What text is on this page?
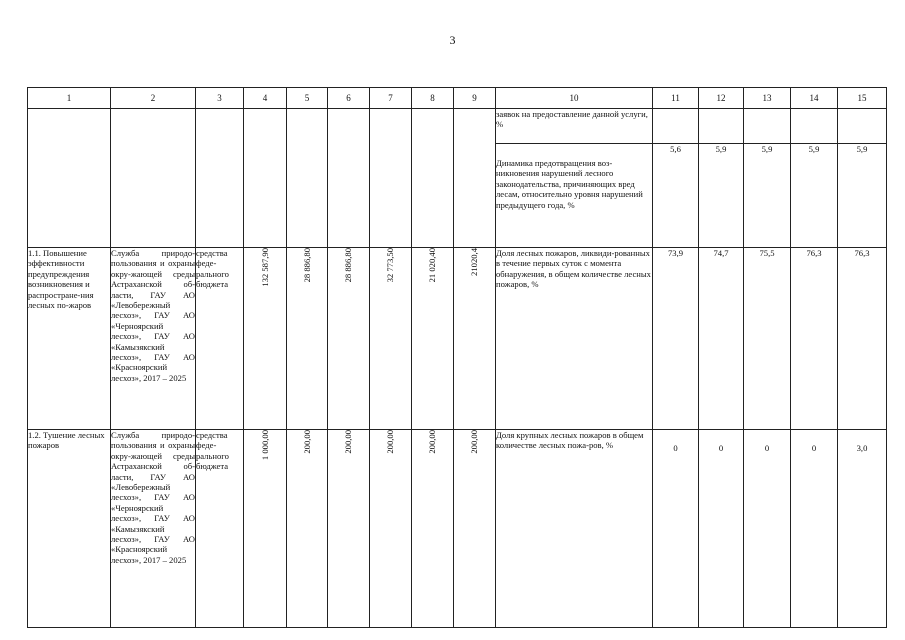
3
1	2	3	4	5	6	7	8	9	10	11	12	13	14	15
									заявок на предоставление данной услуги, %					
									Динамика предотвращения воз-никновения нарушений лесного законодательства, причиняющих вред лесам, относительно уровня нарушений предыдущего года, %	5,6	5,9	5,9	5,9	5,9
1.1. Повышение эффективности предупреждения возникновения и распростране-ния лесных по-жаров	Служба природо-пользования и охраны окру-жающей среды Астраханской об-ласти, ГАУ АО «Левобережный лесхоз», ГАУ АО «Черноярский лесхоз», ГАУ АО «Камызякский лесхоз», ГАУ АО «Красноярский лесхоз», 2017 – 2025	средства феде-рального бюджета	132 587,90	28 886,80	28 886,80	32 773,50	21 020,40	21020,4	Доля лесных пожаров, ликвиди-рованных в течение первых суток с момента обнаружения, в общем количестве лесных пожаров, %	73,9	74,7	75,5	76,3	76,3
1.2. Тушение лесных пожаров	Служба природо-пользования и охраны окру-жающей среды Астраханской об-ласти, ГАУ АО «Левобережный лесхоз», ГАУ АО «Черноярский лесхоз», ГАУ АО «Камызякский лесхоз», ГАУ АО «Красноярский лесхоз», 2017 – 2025	средства феде-рального бюджета	1 000,00	200,00	200,00	200,00	200,00	200,00	Доля крупных лесных пожаров в общем количестве лесных пожа-ров, %	0	0	0	0	3,0
